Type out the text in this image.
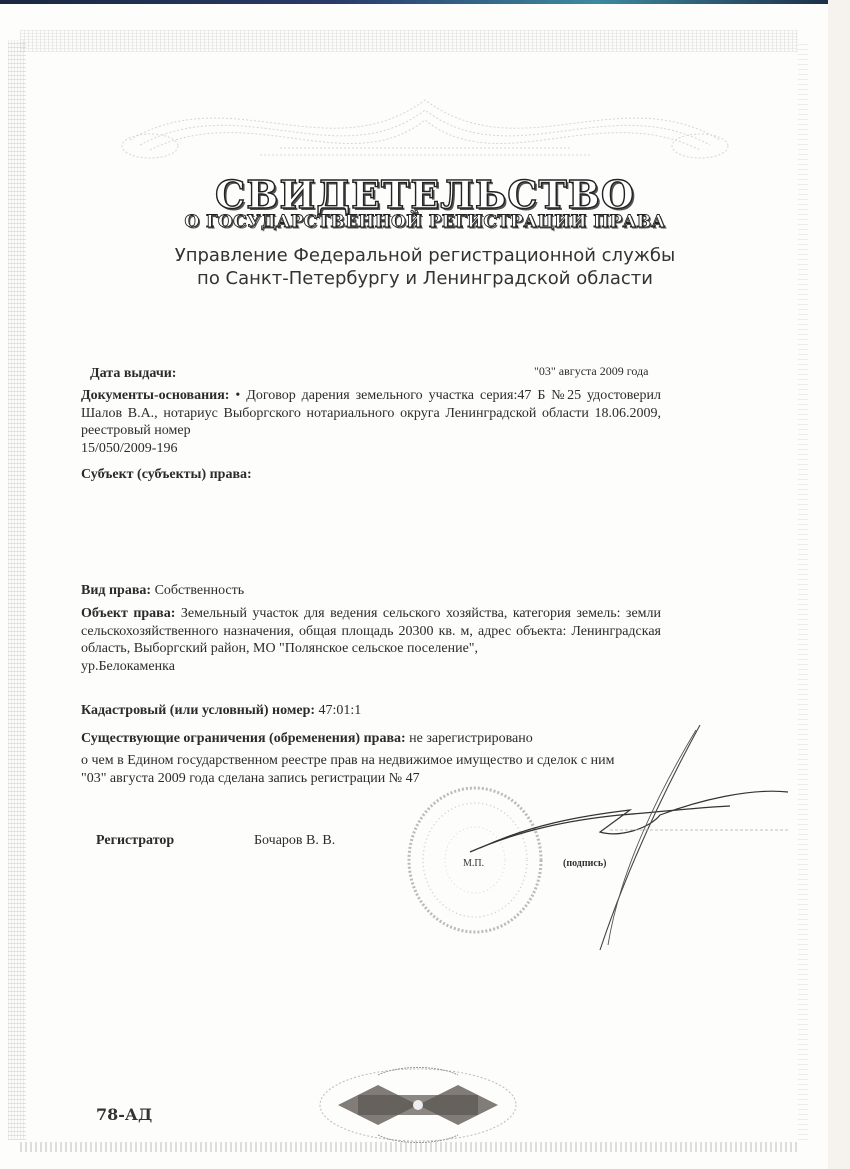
СВИДЕТЕЛЬСТВО
О ГОСУДАРСТВЕННОЙ РЕГИСТРАЦИИ ПРАВА
Управление Федеральной регистрационной службы
по Санкт-Петербургу и Ленинградской области
Дата выдачи:	"03" августа 2009 года
Документы-основания: • Договор дарения земельного участка серия:47 Б №25 удостоверил Шалов В.А., нотариус Выборгского нотариального округа Ленинградской области 18.06.2009, реестровый номер
15/050/2009-196
Субъект (субъекты) права:
Вид права: Собственность
Объект права: Земельный участок для ведения сельского хозяйства, категория земель: земли сельскохозяйственного назначения, общая площадь 20300 кв. м, адрес объекта: Ленинградская область, Выборгский район, МО "Полянское сельское поселение",
ур.Белокаменка
Кадастровый (или условный) номер: 47:01:1
Существующие ограничения (обременения) права: не зарегистрировано
о чем в Едином государственном реестре прав на недвижимое имущество и сделок с ним
"03" августа 2009 года сделана запись регистрации № 47
Регистратор	Бочаров В. В.
М.П.	(подпись)
78-АД
